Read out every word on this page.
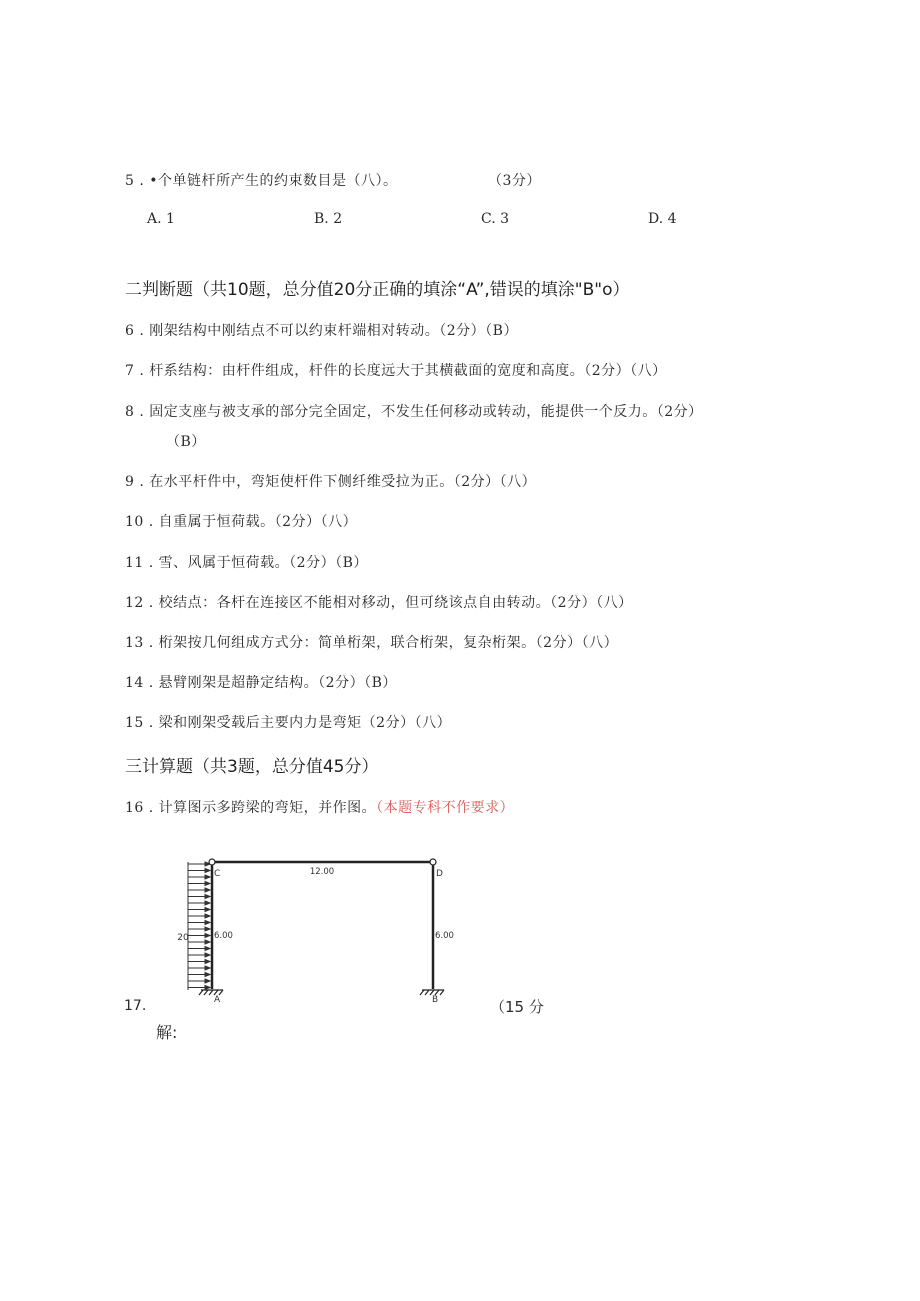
5 . •个单链杆所产生的约束数目是（八）。	（3分）
A. 1	B. 2	C. 3	D. 4
二判断题（共10题，总分值20分正确的填涂“A”,错误的填涂"B"o）
6 . 刚架结构中刚结点不可以约束杆端相对转动。（2分）（B）
7 . 杆系结构：由杆件组成，杆件的长度远大于其横截面的宽度和高度。（2分）（八）
8 . 固定支座与被支承的部分完全固定，不发生任何移动或转动，能提供一个反力。（2分）
（B）
9 . 在水平杆件中，弯矩使杆件下侧纤维受拉为正。（2分）（八）
10 . 自重属于恒荷载。（2分）（八）
11 . 雪、风属于恒荷载。（2分）（B）
12 . 校结点：各杆在连接区不能相对移动，但可绕该点自由转动。（2分）（八）
13 . 桁架按几何组成方式分：简单桁架，联合桁架，复杂桁架。（2分）（八）
14 . 悬臂刚架是超静定结构。（2分）（B）
15 . 梁和刚架受载后主要内力是弯矩（2分）（八）
三计算题（共3题，总分值45分）
16 . 计算图示多跨梁的弯矩，并作图。（本题专科不作要求）
C	D
A	B
12.00
6.00	6.00
20
17.	（15 分
解:
